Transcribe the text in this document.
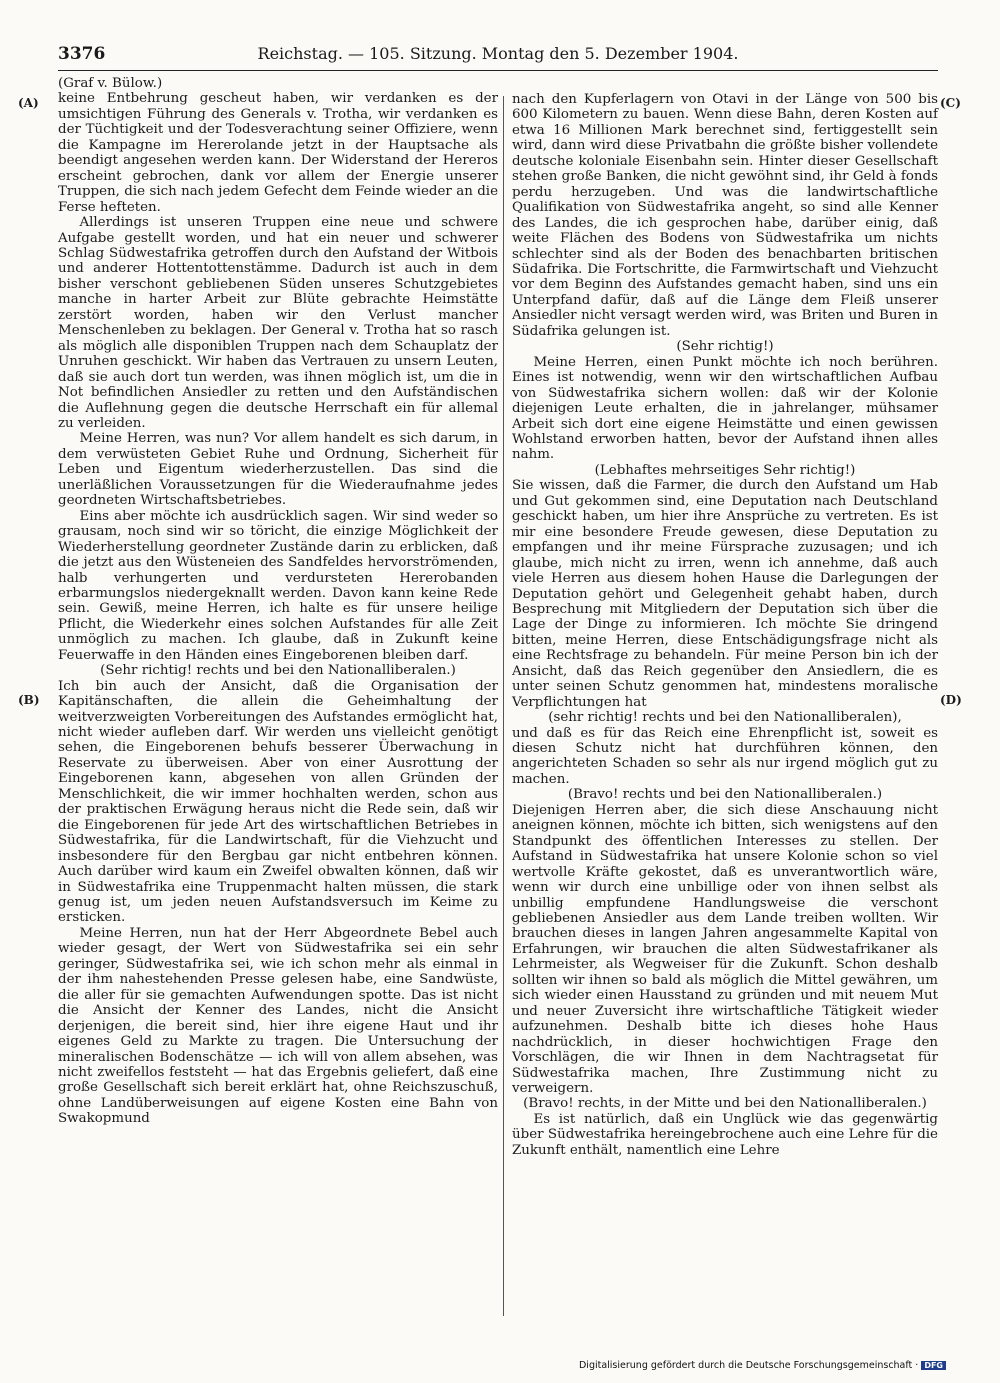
3376	Reichstag. — 105. Sitzung. Montag den 5. Dezember 1904.
(A)
(B)
(C)
(D)

(Graf v. Bülow.)

keine Entbehrung gescheut haben, wir verdanken es der umsichtigen Führung des Generals v. Trotha, wir verdanken es der Tüchtigkeit und der Todesverachtung seiner Offiziere, wenn die Kampagne im Hererolande jetzt in der Hauptsache als beendigt angesehen werden kann. Der Widerstand der Hereros erscheint gebrochen, dank vor allem der Energie unserer Truppen, die sich nach jedem Gefecht dem Feinde wieder an die Ferse hefteten.

Allerdings ist unseren Truppen eine neue und schwere Aufgabe gestellt worden, und hat ein neuer und schwerer Schlag Südwestafrika getroffen durch den Aufstand der Witbois und anderer Hottentottenstämme. Dadurch ist auch in dem bisher verschont gebliebenen Süden unseres Schutzgebietes manche in harter Arbeit zur Blüte gebrachte Heimstätte zerstört worden, haben wir den Verlust mancher Menschenleben zu beklagen. Der General v. Trotha hat so rasch als möglich alle disponiblen Truppen nach dem Schauplatz der Unruhen geschickt. Wir haben das Vertrauen zu unsern Leuten, daß sie auch dort tun werden, was ihnen möglich ist, um die in Not befindlichen Ansiedler zu retten und den Aufständischen die Auflehnung gegen die deutsche Herrschaft ein für allemal zu verleiden.

Meine Herren, was nun? Vor allem handelt es sich darum, in dem verwüsteten Gebiet Ruhe und Ordnung, Sicherheit für Leben und Eigentum wiederherzustellen. Das sind die unerläßlichen Voraussetzungen für die Wiederaufnahme jedes geordneten Wirtschaftsbetriebes.

Eins aber möchte ich ausdrücklich sagen. Wir sind weder so grausam, noch sind wir so töricht, die einzige Möglichkeit der Wiederherstellung geordneter Zustände darin zu erblicken, daß die jetzt aus den Wüsteneien des Sandfeldes hervorströmenden, halb verhungerten und verdursteten Hererobanden erbarmungslos niedergeknallt werden. Davon kann keine Rede sein. Gewiß, meine Herren, ich halte es für unsere heilige Pflicht, die Wiederkehr eines solchen Aufstandes für alle Zeit unmöglich zu machen. Ich glaube, daß in Zukunft keine Feuerwaffe in den Händen eines Eingeborenen bleiben darf.

(Sehr richtig! rechts und bei den Nationalliberalen.)

Ich bin auch der Ansicht, daß die Organisation der Kapitänschaften, die allein die Geheimhaltung der weitverzweigten Vorbereitungen des Aufstandes ermöglicht hat, nicht wieder aufleben darf. Wir werden uns vielleicht genötigt sehen, die Eingeborenen behufs besserer Überwachung in Reservate zu überweisen. Aber von einer Ausrottung der Eingeborenen kann, abgesehen von allen Gründen der Menschlichkeit, die wir immer hochhalten werden, schon aus der praktischen Erwägung heraus nicht die Rede sein, daß wir die Eingeborenen für jede Art des wirtschaftlichen Betriebes in Südwestafrika, für die Landwirtschaft, für die Viehzucht und insbesondere für den Bergbau gar nicht entbehren können. Auch darüber wird kaum ein Zweifel obwalten können, daß wir in Südwestafrika eine Truppenmacht halten müssen, die stark genug ist, um jeden neuen Aufstandsversuch im Keime zu ersticken.

Meine Herren, nun hat der Herr Abgeordnete Bebel auch wieder gesagt, der Wert von Südwestafrika sei ein sehr geringer, Südwestafrika sei, wie ich schon mehr als einmal in der ihm nahestehenden Presse gelesen habe, eine Sandwüste, die aller für sie gemachten Aufwendungen spotte. Das ist nicht die Ansicht der Kenner des Landes, nicht die Ansicht derjenigen, die bereit sind, hier ihre eigene Haut und ihr eigenes Geld zu Markte zu tragen. Die Untersuchung der mineralischen Bodenschätze — ich will von allem absehen, was nicht zweifellos feststeht — hat das Ergebnis geliefert, daß eine große Gesellschaft sich bereit erklärt hat, ohne Reichszuschuß, ohne Landüberweisungen auf eigene Kosten eine Bahn von Swakopmund

nach den Kupferlagern von Otavi in der Länge von 500 bis 600 Kilometern zu bauen. Wenn diese Bahn, deren Kosten auf etwa 16 Millionen Mark berechnet sind, fertiggestellt sein wird, dann wird diese Privatbahn die größte bisher vollendete deutsche koloniale Eisenbahn sein. Hinter dieser Gesellschaft stehen große Banken, die nicht gewöhnt sind, ihr Geld à fonds perdu herzugeben. Und was die landwirtschaftliche Qualifikation von Südwestafrika angeht, so sind alle Kenner des Landes, die ich gesprochen habe, darüber einig, daß weite Flächen des Bodens von Südwestafrika um nichts schlechter sind als der Boden des benachbarten britischen Südafrika. Die Fortschritte, die Farmwirtschaft und Viehzucht vor dem Beginn des Aufstandes gemacht haben, sind uns ein Unterpfand dafür, daß auf die Länge dem Fleiß unserer Ansiedler nicht versagt werden wird, was Briten und Buren in Südafrika gelungen ist.

(Sehr richtig!)

Meine Herren, einen Punkt möchte ich noch berühren. Eines ist notwendig, wenn wir den wirtschaftlichen Aufbau von Südwestafrika sichern wollen: daß wir der Kolonie diejenigen Leute erhalten, die in jahrelanger, mühsamer Arbeit sich dort eine eigene Heimstätte und einen gewissen Wohlstand erworben hatten, bevor der Aufstand ihnen alles nahm.

(Lebhaftes mehrseitiges Sehr richtig!)

Sie wissen, daß die Farmer, die durch den Aufstand um Hab und Gut gekommen sind, eine Deputation nach Deutschland geschickt haben, um hier ihre Ansprüche zu vertreten. Es ist mir eine besondere Freude gewesen, diese Deputation zu empfangen und ihr meine Fürsprache zuzusagen; und ich glaube, mich nicht zu irren, wenn ich annehme, daß auch viele Herren aus diesem hohen Hause die Darlegungen der Deputation gehört und Gelegenheit gehabt haben, durch Besprechung mit Mitgliedern der Deputation sich über die Lage der Dinge zu informieren. Ich möchte Sie dringend bitten, meine Herren, diese Entschädigungsfrage nicht als eine Rechtsfrage zu behandeln. Für meine Person bin ich der Ansicht, daß das Reich gegenüber den Ansiedlern, die es unter seinen Schutz genommen hat, mindestens moralische Verpflichtungen hat

(sehr richtig! rechts und bei den Nationalliberalen),

und daß es für das Reich eine Ehrenpflicht ist, soweit es diesen Schutz nicht hat durchführen können, den angerichteten Schaden so sehr als nur irgend möglich gut zu machen.

(Bravo! rechts und bei den Nationalliberalen.)

Diejenigen Herren aber, die sich diese Anschauung nicht aneignen können, möchte ich bitten, sich wenigstens auf den Standpunkt des öffentlichen Interesses zu stellen. Der Aufstand in Südwestafrika hat unsere Kolonie schon so viel wertvolle Kräfte gekostet, daß es unverantwortlich wäre, wenn wir durch eine unbillige oder von ihnen selbst als unbillig empfundene Handlungsweise die verschont gebliebenen Ansiedler aus dem Lande treiben wollten. Wir brauchen dieses in langen Jahren angesammelte Kapital von Erfahrungen, wir brauchen die alten Südwestafrikaner als Lehrmeister, als Wegweiser für die Zukunft. Schon deshalb sollten wir ihnen so bald als möglich die Mittel gewähren, um sich wieder einen Hausstand zu gründen und mit neuem Mut und neuer Zuversicht ihre wirtschaftliche Tätigkeit wieder aufzunehmen. Deshalb bitte ich dieses hohe Haus nachdrücklich, in dieser hochwichtigen Frage den Vorschlägen, die wir Ihnen in dem Nachtragsetat für Südwestafrika machen, Ihre Zustimmung nicht zu verweigern.

(Bravo! rechts, in der Mitte und bei den Nationalliberalen.)

Es ist natürlich, daß ein Unglück wie das gegenwärtig über Südwestafrika hereingebrochene auch eine Lehre für die Zukunft enthält, namentlich eine Lehre

Digitalisierung gefördert durch die Deutsche Forschungsgemeinschaft · DFG
